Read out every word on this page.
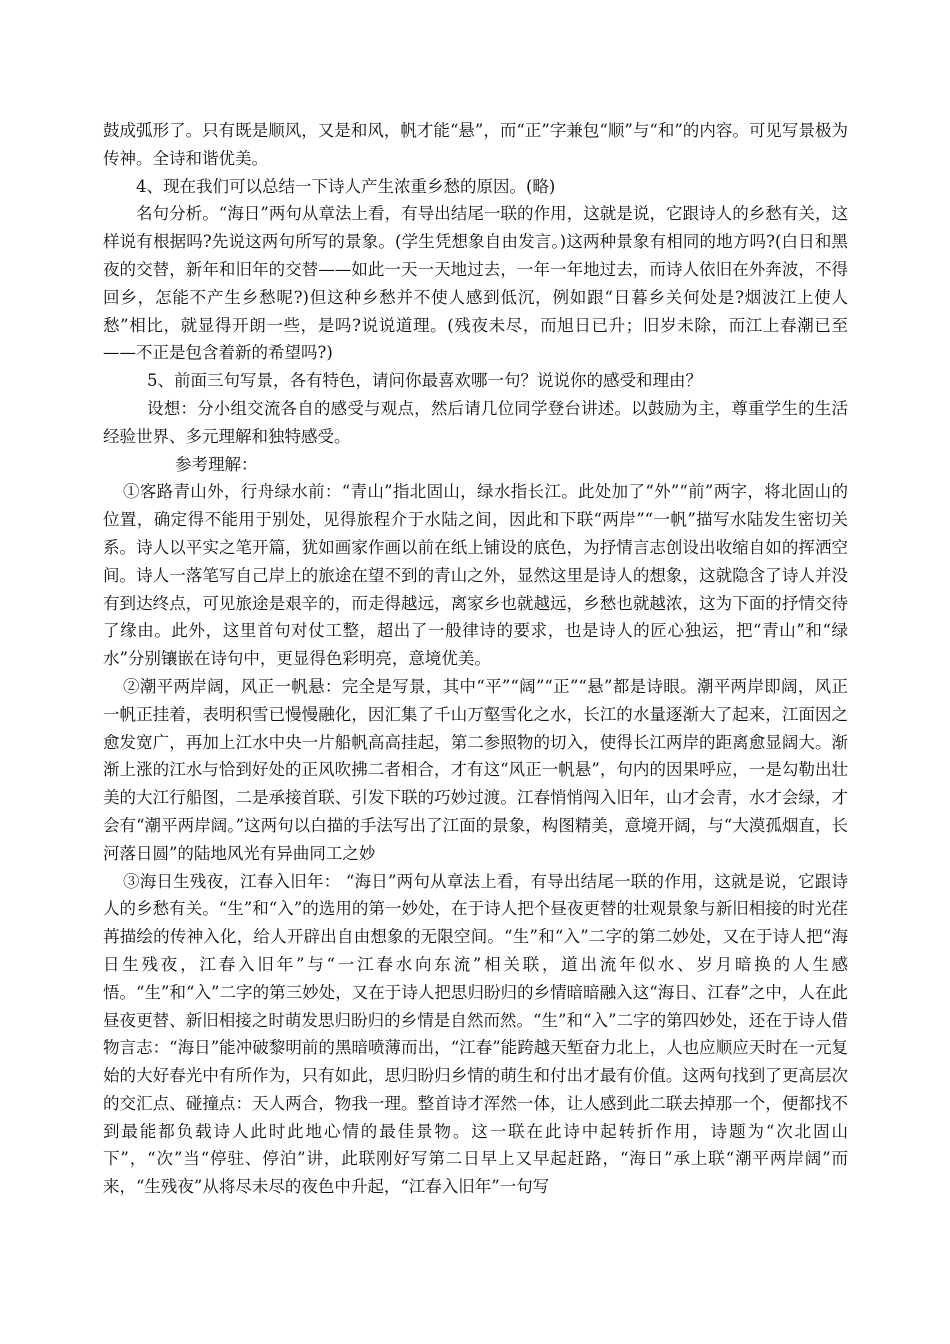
鼓成弧形了。只有既是顺风，又是和风，帆才能“悬”，而“正”字兼包“顺”与“和”的内容。可见写景极为传神。全诗和谐优美。

4、现在我们可以总结一下诗人产生浓重乡愁的原因。(略)

名句分析。“海日”两句从章法上看，有导出结尾一联的作用，这就是说，它跟诗人的乡愁有关，这样说有根据吗?先说这两句所写的景象。(学生凭想象自由发言。)这两种景象有相同的地方吗?(白日和黑夜的交替，新年和旧年的交替——如此一天一天地过去，一年一年地过去，而诗人依旧在外奔波，不得回乡，怎能不产生乡愁呢?)但这种乡愁并不使人感到低沉，例如跟“日暮乡关何处是?烟波江上使人愁”相比，就显得开朗一些，是吗?说说道理。(残夜未尽，而旭日已升；旧岁未除，而江上春潮已至——不正是包含着新的希望吗?)

5、前面三句写景，各有特色，请问你最喜欢哪一句？说说你的感受和理由？

设想：分小组交流各自的感受与观点，然后请几位同学登台讲述。以鼓励为主，尊重学生的生活经验世界、多元理解和独特感受。

参考理解：

①客路青山外，行舟绿水前：“青山”指北固山，绿水指长江。此处加了“外”“前”两字，将北固山的位置，确定得不能用于别处，见得旅程介于水陆之间，因此和下联“两岸”“一帆”描写水陆发生密切关系。诗人以平实之笔开篇，犹如画家作画以前在纸上铺设的底色，为抒情言志创设出收缩自如的挥洒空间。诗人一落笔写自己岸上的旅途在望不到的青山之外，显然这里是诗人的想象，这就隐含了诗人并没有到达终点，可见旅途是艰辛的，而走得越远，离家乡也就越远，乡愁也就越浓，这为下面的抒情交待了缘由。此外，这里首句对仗工整，超出了一般律诗的要求，也是诗人的匠心独运，把“青山”和“绿水”分别镶嵌在诗句中，更显得色彩明亮，意境优美。

②潮平两岸阔，风正一帆悬：完全是写景，其中“平”“阔”“正”“悬”都是诗眼。潮平两岸即阔，风正一帆正挂着，表明积雪已慢慢融化，因汇集了千山万壑雪化之水，长江的水量逐渐大了起来，江面因之愈发宽广，再加上江水中央一片船帆高高挂起，第二参照物的切入，使得长江两岸的距离愈显阔大。渐渐上涨的江水与恰到好处的正风吹拂二者相合，才有这“风正一帆悬”，句内的因果呼应，一是勾勒出壮美的大江行船图，二是承接首联、引发下联的巧妙过渡。江春悄悄闯入旧年，山才会青，水才会绿，才会有“潮平两岸阔。”这两句以白描的手法写出了江面的景象，构图精美，意境开阔，与“大漠孤烟直，长河落日圆”的陆地风光有异曲同工之妙

③海日生残夜，江春入旧年： “海日”两句从章法上看，有导出结尾一联的作用，这就是说，它跟诗人的乡愁有关。“生”和“入”的选用的第一妙处，在于诗人把个昼夜更替的壮观景象与新旧相接的时光荏苒描绘的传神入化，给人开辟出自由想象的无限空间。“生”和“入”二字的第二妙处，又在于诗人把“海日生残夜，江春入旧年”与“一江春水向东流”相关联，道出流年似水、岁月暗换的人生感悟。“生”和“入”二字的第三妙处，又在于诗人把思归盼归的乡情暗暗融入这“海日、江春”之中，人在此昼夜更替、新旧相接之时萌发思归盼归的乡情是自然而然。“生”和“入”二字的第四妙处，还在于诗人借物言志：“海日”能冲破黎明前的黑暗喷薄而出，“江春”能跨越天堑奋力北上，人也应顺应天时在一元复始的大好春光中有所作为，只有如此，思归盼归乡情的萌生和付出才最有价值。这两句找到了更高层次的交汇点、碰撞点：天人两合，物我一理。整首诗才浑然一体，让人感到此二联去掉那一个，便都找不到最能都负载诗人此时此地心情的最佳景物。这一联在此诗中起转折作用，诗题为“次北固山下”，“次”当“停驻、停泊”讲，此联刚好写第二日早上又早起赶路，“海日”承上联“潮平两岸阔”而来，“生残夜”从将尽未尽的夜色中升起，“江春入旧年”一句写
